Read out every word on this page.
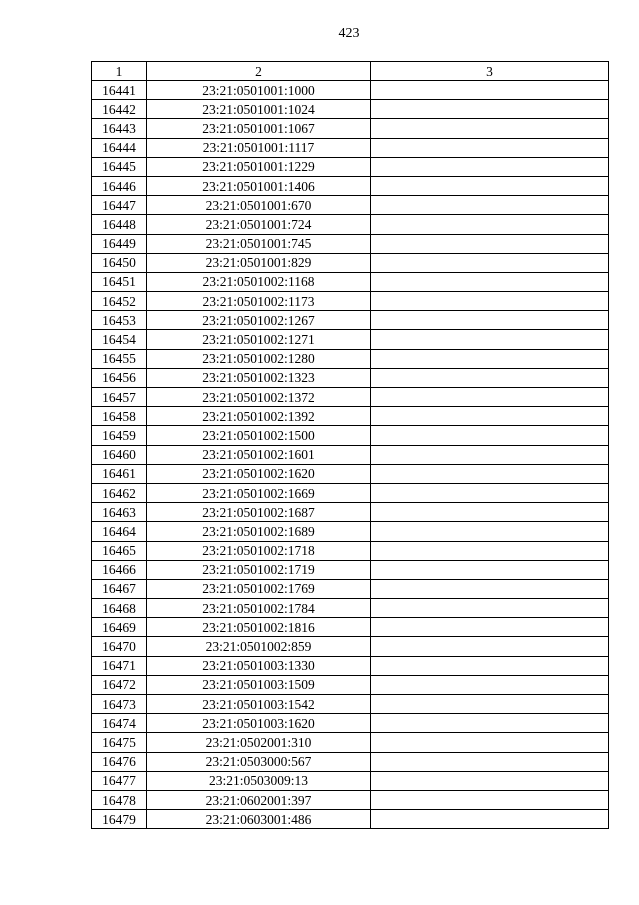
423
1	2	3
16441	23:21:0501001:1000	
16442	23:21:0501001:1024	
16443	23:21:0501001:1067	
16444	23:21:0501001:1117	
16445	23:21:0501001:1229	
16446	23:21:0501001:1406	
16447	23:21:0501001:670	
16448	23:21:0501001:724	
16449	23:21:0501001:745	
16450	23:21:0501001:829	
16451	23:21:0501002:1168	
16452	23:21:0501002:1173	
16453	23:21:0501002:1267	
16454	23:21:0501002:1271	
16455	23:21:0501002:1280	
16456	23:21:0501002:1323	
16457	23:21:0501002:1372	
16458	23:21:0501002:1392	
16459	23:21:0501002:1500	
16460	23:21:0501002:1601	
16461	23:21:0501002:1620	
16462	23:21:0501002:1669	
16463	23:21:0501002:1687	
16464	23:21:0501002:1689	
16465	23:21:0501002:1718	
16466	23:21:0501002:1719	
16467	23:21:0501002:1769	
16468	23:21:0501002:1784	
16469	23:21:0501002:1816	
16470	23:21:0501002:859	
16471	23:21:0501003:1330	
16472	23:21:0501003:1509	
16473	23:21:0501003:1542	
16474	23:21:0501003:1620	
16475	23:21:0502001:310	
16476	23:21:0503000:567	
16477	23:21:0503009:13	
16478	23:21:0602001:397	
16479	23:21:0603001:486	
